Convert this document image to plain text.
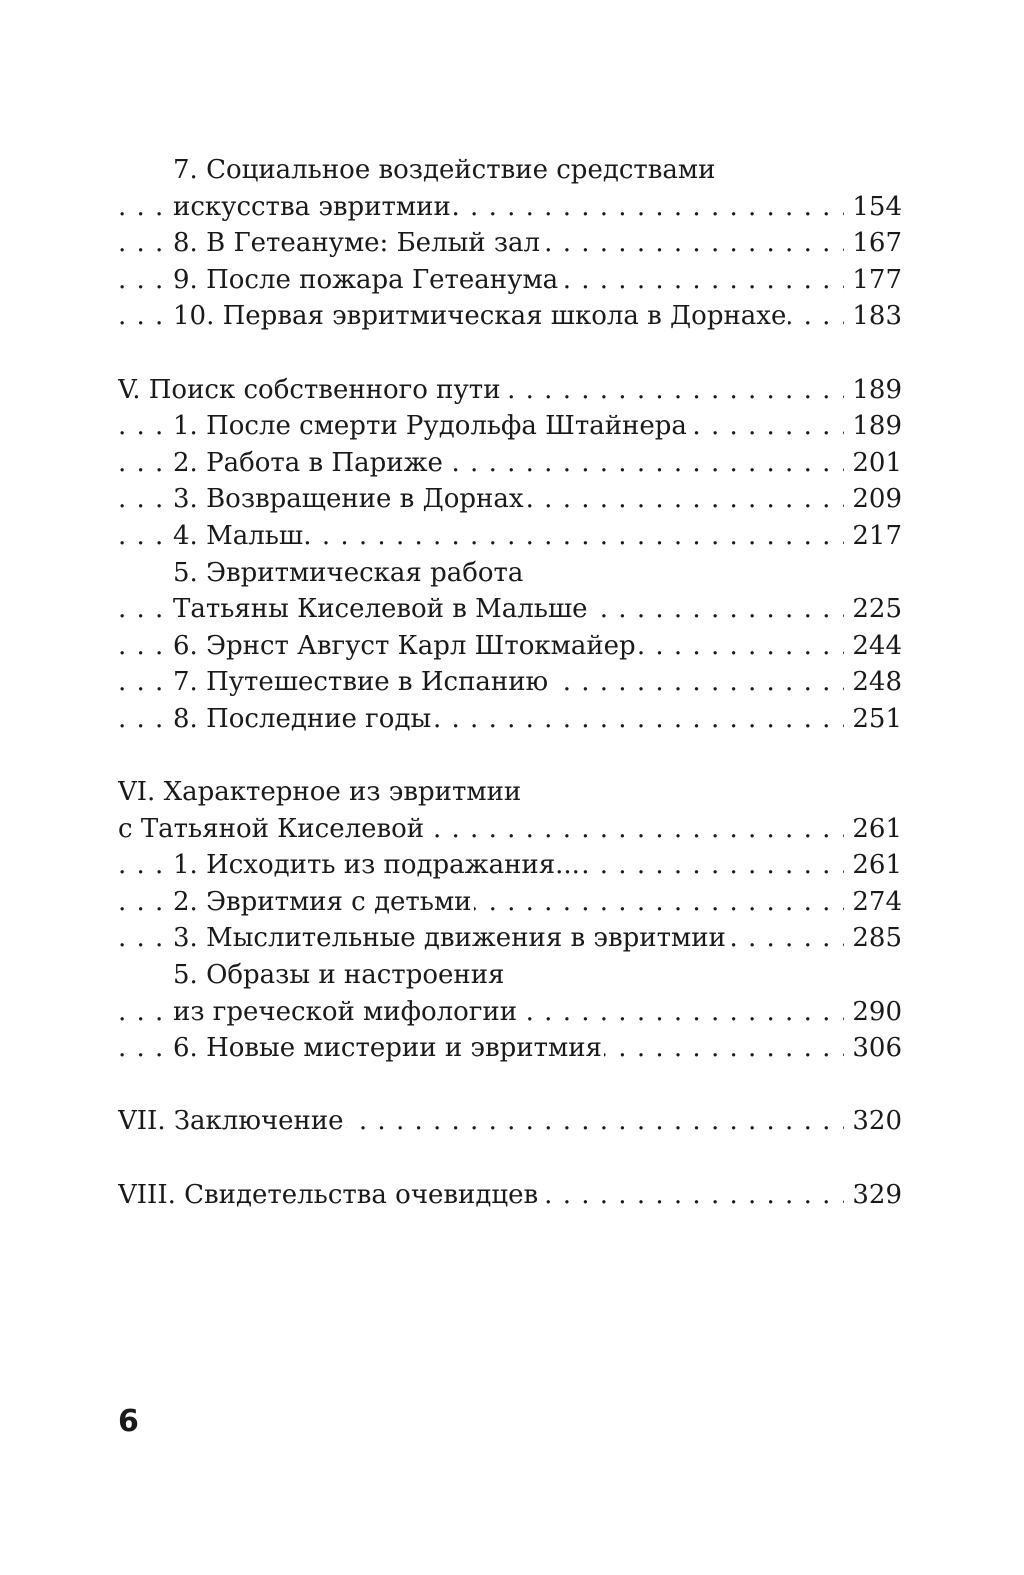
7. Социальное воздействие средствами
. . . искусства эвритмии	154
. . . 8. В Гетеануме: Белый зал	167
. . . 9. После пожара Гетеанума	177
. . . 10. Первая эвритмическая школа в Дорнахе	183
. . . V. Поиск собственного пути	189
. . . 1. После смерти Рудольфа Штайнера	189
. . . 2. Работа в Париже	201
. . . 3. Возвращение в Дорнах	209
. . . 4. Мальш	217
5. Эвритмическая работа
. . . Татьяны Киселевой в Мальше	225
. . . 6. Эрнст Август Карл Штокмайер	244
. . . 7. Путешествие в Испанию	248
. . . 8. Последние годы	251
VI. Характерное из эвритмии
. . . с Татьяной Киселевой	261
. . . 1. Исходить из подражания...	261
. . . 2. Эвритмия с детьми	274
. . . 3. Мыслительные движения в эвритмии	285
5. Образы и настроения
. . . из греческой мифологии	290
. . . 6. Новые мистерии и эвритмия	306
. . . VII. Заключение	320
. . . VIII. Свидетельства очевидцев	329
6
